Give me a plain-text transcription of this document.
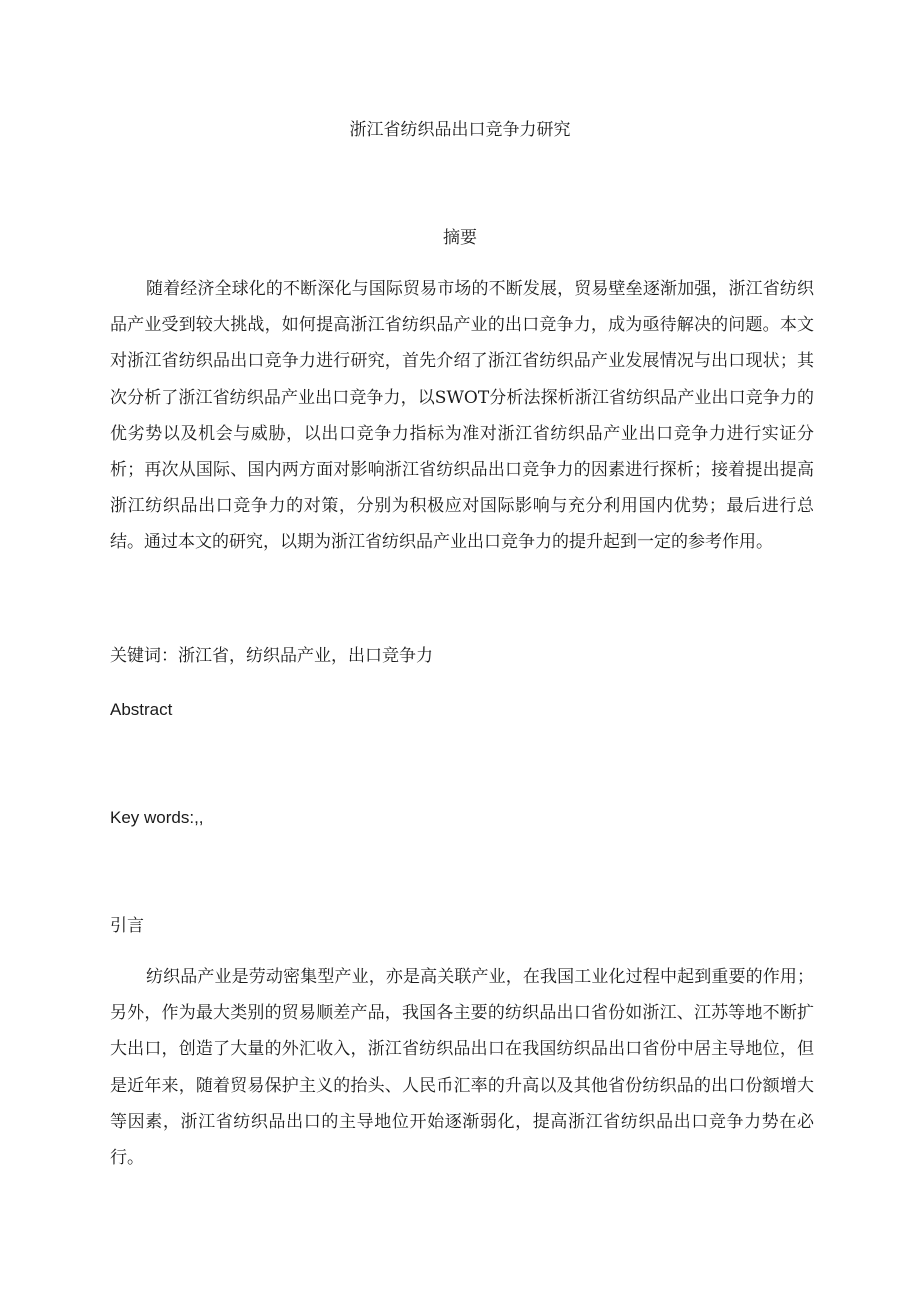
浙江省纺织品出口竞争力研究
摘要

随着经济全球化的不断深化与国际贸易市场的不断发展，贸易壁垒逐渐加强，浙江省纺织品产业受到较大挑战，如何提高浙江省纺织品产业的出口竞争力，成为亟待解决的问题。本文对浙江省纺织品出口竞争力进行研究，首先介绍了浙江省纺织品产业发展情况与出口现状；其次分析了浙江省纺织品产业出口竞争力，以SWOT分析法探析浙江省纺织品产业出口竞争力的优劣势以及机会与威胁，以出口竞争力指标为准对浙江省纺织品产业出口竞争力进行实证分析；再次从国际、国内两方面对影响浙江省纺织品出口竞争力的因素进行探析；接着提出提高浙江纺织品出口竞争力的对策，分别为积极应对国际影响与充分利用国内优势；最后进行总结。通过本文的研究，以期为浙江省纺织品产业出口竞争力的提升起到一定的参考作用。

关键词：浙江省，纺织品产业，出口竞争力

Abstract

Key words:,,

引言

纺织品产业是劳动密集型产业，亦是高关联产业，在我国工业化过程中起到重要的作用；另外，作为最大类别的贸易顺差产品，我国各主要的纺织品出口省份如浙江、江苏等地不断扩大出口，创造了大量的外汇收入，浙江省纺织品出口在我国纺织品出口省份中居主导地位，但是近年来，随着贸易保护主义的抬头、人民币汇率的升高以及其他省份纺织品的出口份额增大等因素，浙江省纺织品出口的主导地位开始逐渐弱化，提高浙江省纺织品出口竞争力势在必行。
